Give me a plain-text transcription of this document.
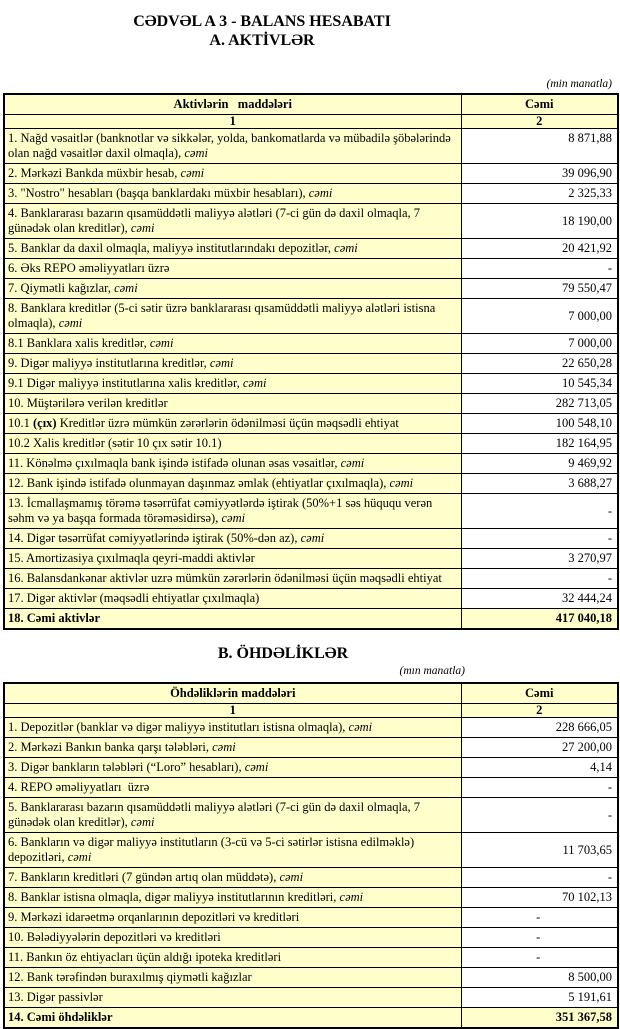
CƏDVƏL A 3 - BALANS HESABATI
A. AKTİVLƏR
(min manatla)
Aktivlərin   maddələri	Cəmi
1	2
1. Nağd vəsaitlər (banknotlar və sikkələr, yolda, bankomatlarda və mübadilə şöbələrində olan nağd vəsaitlər daxil olmaqla), cəmi	8 871,88
2. Mərkəzi Bankda müxbir hesab, cəmi	39 096,90
3. "Nostro" hesabları (başqa banklardakı müxbir hesabları), cəmi	2 325,33
4. Banklararası bazarın qısamüddətli maliyyə alətləri (7-ci gün də daxil olmaqla, 7 günədək olan kreditlər), cəmi	18 190,00
5. Banklar da daxil olmaqla, maliyyə institutlarındakı depozitlər, cəmi	20 421,92
6. Əks REPO əməliyyatları üzrə	-
7. Qiymətli kağızlar, cəmi	79 550,47
8. Banklara kreditlər (5-ci sətir üzrə banklararası qısamüddətli maliyyə alətləri istisna olmaqla), cəmi	7 000,00
8.1 Banklara xalis kreditlər, cəmi	7 000,00
9. Digər maliyyə institutlarına kreditlər, cəmi	22 650,28
9.1 Digər maliyyə institutlarına xalis kreditlər, cəmi	10 545,34
10. Müştərilərə verilən kreditlər	282 713,05
10.1 (çıx) Kreditlər üzrə mümkün zərərlərin ödənilməsi üçün məqsədli ehtiyat	100 548,10
10.2 Xalis kreditlər (sətir 10 çıx sətir 10.1)	182 164,95
11. Könəlmə çıxılmaqla bank işində istifadə olunan əsas vəsaitlər, cəmi	9 469,92
12. Bank işində istifadə olunmayan daşınmaz əmlak (ehtiyatlar çıxılmaqla), cəmi	3 688,27
13. İcmallaşmamış törəmə təsərrüfat cəmiyyətlərdə iştirak (50%+1 səs hüququ verən səhm və ya başqa formada törəməsidirsə), cəmi	-
14. Digər təsərrüfat cəmiyyətlərində iştirak (50%-dən az), cəmi	-
15. Amortizasiya çıxılmaqla qeyri-maddi aktivlər	3 270,97
16. Balansdankənar aktivlər uzrə mümkün zərərlərin ödənilməsi üçün məqsədli ehtiyat	-
17. Digər aktivlər (məqsədli ehtiyatlar çıxılmaqla)	32 444,24
18. Cəmi aktivlər	417 040,18
B. ÖHDƏLİKLƏR
(mın manatla)
Öhdəliklərin maddələri	Cəmi
1	2
1. Depozitlər (banklar və digər maliyyə institutları istisna olmaqla), cəmi	228 666,05
2. Mərkəzi Bankın banka qarşı tələbləri, cəmi	27 200,00
3. Digər bankların tələbləri (“Loro” hesabları), cəmi	4,14
4. REPO əməliyyatları  üzrə	-
5. Banklararası bazarın qısamüddətli maliyyə alətləri (7-ci gün də daxil olmaqla, 7 günədək olan kreditlər), cəmi	-
6. Bankların və digər maliyyə institutların (3-cü və 5-ci sətirlər istisna edilməklə) depozitləri, cəmi	11 703,65
7. Bankların kreditləri (7 gündən artıq olan müddətə), cəmi	-
8. Banklar istisna olmaqla, digər maliyyə institutlarının kreditləri, cəmi	70 102,13
9. Mərkəzi idarəetmə orqanlarının depozitləri və kreditləri	-
10. Bələdiyyələrin depozitləri və kreditləri	-
11. Bankın öz ehtiyacları üçün aldığı ipoteka kreditləri	-
12. Bank tərəfindən buraxılmış qiymətli kağızlar	8 500,00
13. Digər passivlər	5 191,61
14. Cəmi öhdəliklər	351 367,58
